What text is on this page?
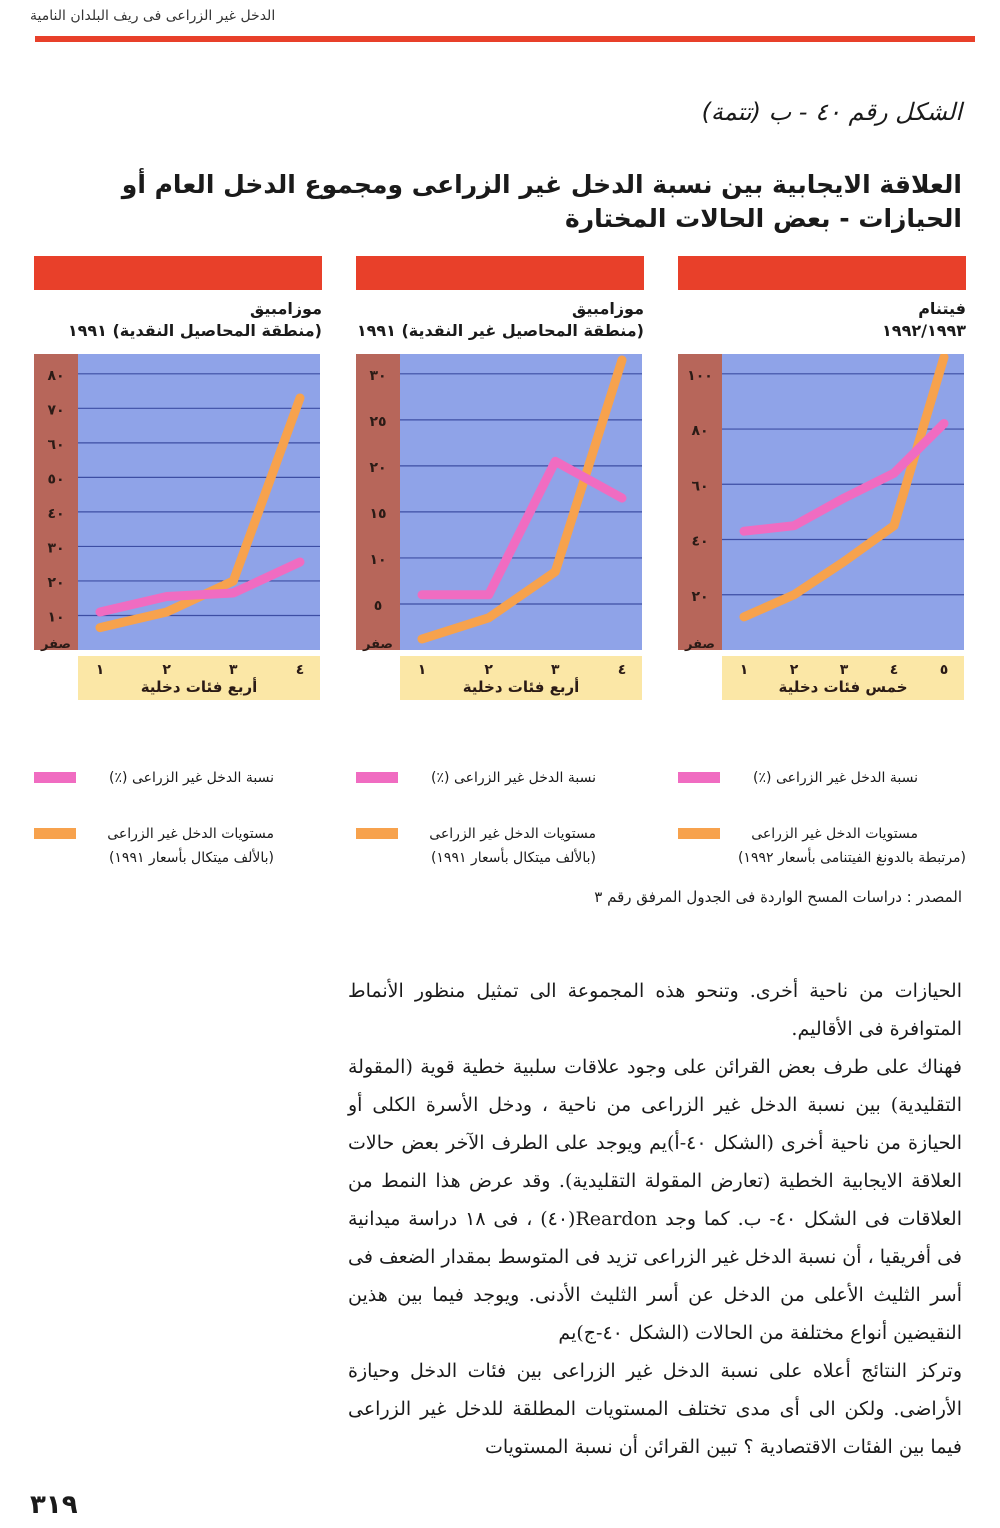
الدخل غير الزراعى فى ريف البلدان النامية
الشكل رقم ٤٠ - ب (تتمة)
العلاقة الايجابية بين نسبة الدخل غير الزراعى ومجموع الدخل العام أو الحيازات - بعض الحالات المختارة
فيتنام
١٩٩٢/١٩٩٣
٢٠
٤٠
٦٠
٨٠
١٠٠
صفر
١	٢	٣	٤	٥
خمس فئات دخلية
نسبة الدخل غير الزراعى (٪)
مستويات الدخل غير الزراعى
(مرتبطة بالدونغ الفيتنامى بأسعار ١٩٩٢)
موزامبيق
(منطقة المحاصيل غير النقدية) ١٩٩١
٥
١٠
١٥
٢٠
٢٥
٣٠
صفر
١	٢	٣	٤
أربع فئات دخلية
نسبة الدخل غير الزراعى (٪)
مستويات الدخل غير الزراعى
(بالألف ميتكال بأسعار ١٩٩١)
موزامبيق
(منطقة المحاصيل النقدية) ١٩٩١
١٠
٢٠
٣٠
٤٠
٥٠
٦٠
٧٠
٨٠
صفر
١	٢	٣	٤
أربع فئات دخلية
نسبة الدخل غير الزراعى (٪)
مستويات الدخل غير الزراعى
(بالألف ميتكال بأسعار ١٩٩١)
المصدر : دراسات المسح الواردة فى الجدول المرفق رقم ٣

الحيازات من ناحية أخرى. وتنحو هذه المجموعة الى تمثيل منظور الأنماط المتوافرة فى الأقاليم.

فهناك على طرف بعض القرائن على وجود علاقات سلبية خطية قوية (المقولة التقليدية) بين نسبة الدخل غير الزراعى من ناحية ، ودخل الأسرة الكلى أو الحيازة من ناحية أخرى (الشكل ٤٠-أ)يم ويوجد على الطرف الآخر بعض حالات العلاقة الايجابية الخطية (تعارض المقولة التقليدية). وقد عرض هذا النمط من العلاقات فى الشكل ٤٠- ب. كما وجد Reardon(٤٠) ، فى ١٨ دراسة ميدانية فى أفريقيا ، أن نسبة الدخل غير الزراعى تزيد فى المتوسط بمقدار الضعف فى أسر الثليث الأعلى من الدخل عن أسر الثليث الأدنى. ويوجد فيما بين هذين النقيضين أنواع مختلفة من الحالات (الشكل ٤٠-ج)يم

وتركز النتائج أعلاه على نسبة الدخل غير الزراعى بين فئات الدخل وحيازة الأراضى. ولكن الى أى مدى تختلف المستويات المطلقة للدخل غير الزراعى فيما بين الفئات الاقتصادية ؟ تبين القرائن أن نسبة المستويات

٣١٩
